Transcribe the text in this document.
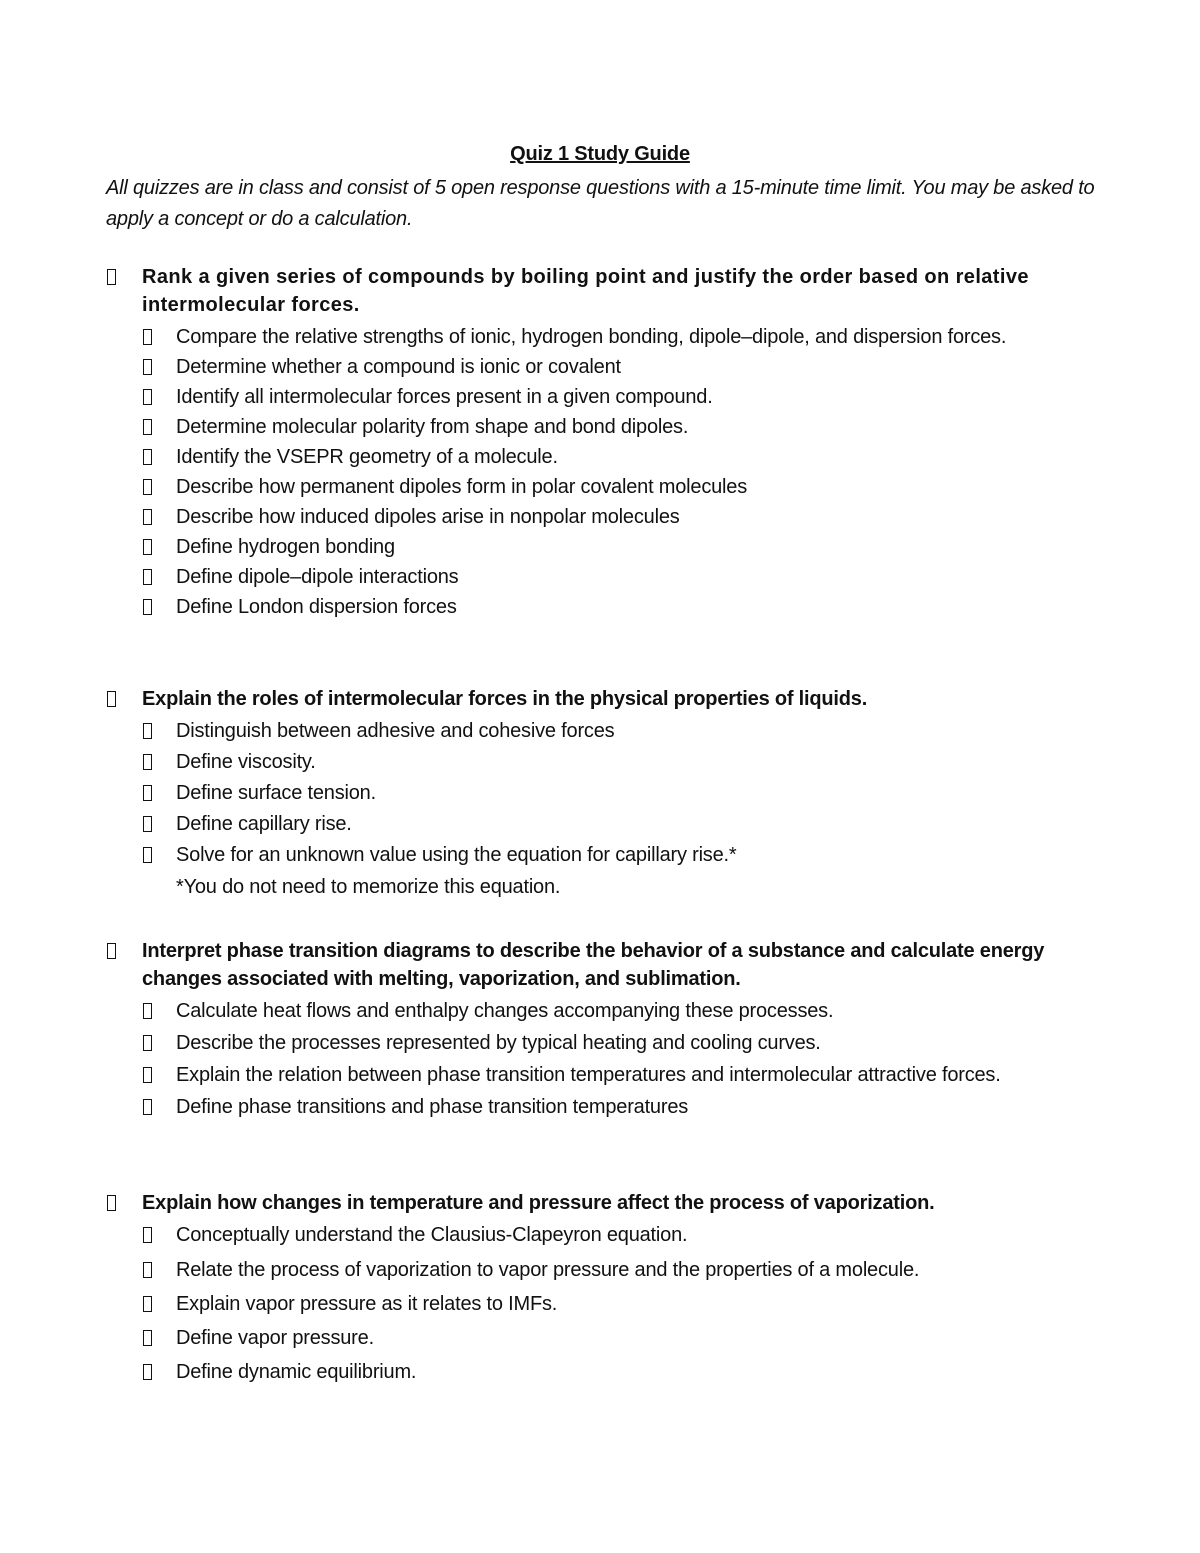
Quiz 1 Study Guide
All quizzes are in class and consist of 5 open response questions with a 15-minute time limit. You may be asked to apply a concept or do a calculation.
Rank a given series of compounds by boiling point and justify the order based on relative intermolecular forces.
Compare the relative strengths of ionic, hydrogen bonding, dipole–dipole, and dispersion forces.
Determine whether a compound is ionic or covalent
Identify all intermolecular forces present in a given compound.
Determine molecular polarity from shape and bond dipoles.
Identify the VSEPR geometry of a molecule.
Describe how permanent dipoles form in polar covalent molecules
Describe how induced dipoles arise in nonpolar molecules
Define hydrogen bonding
Define dipole–dipole interactions
Define London dispersion forces
Explain the roles of intermolecular forces in the physical properties of liquids.
Distinguish between adhesive and cohesive forces
Define viscosity.
Define surface tension.
Define capillary rise.
Solve for an unknown value using the equation for capillary rise.*
*You do not need to memorize this equation.
Interpret phase transition diagrams to describe the behavior of a substance and calculate energy changes associated with melting, vaporization, and sublimation.
Calculate heat flows and enthalpy changes accompanying these processes.
Describe the processes represented by typical heating and cooling curves.
Explain the relation between phase transition temperatures and intermolecular attractive forces.
Define phase transitions and phase transition temperatures
Explain how changes in temperature and pressure affect the process of vaporization.
Conceptually understand the Clausius-Clapeyron equation.
Relate the process of vaporization to vapor pressure and the properties of a molecule.
Explain vapor pressure as it relates to IMFs.
Define vapor pressure.
Define dynamic equilibrium.
